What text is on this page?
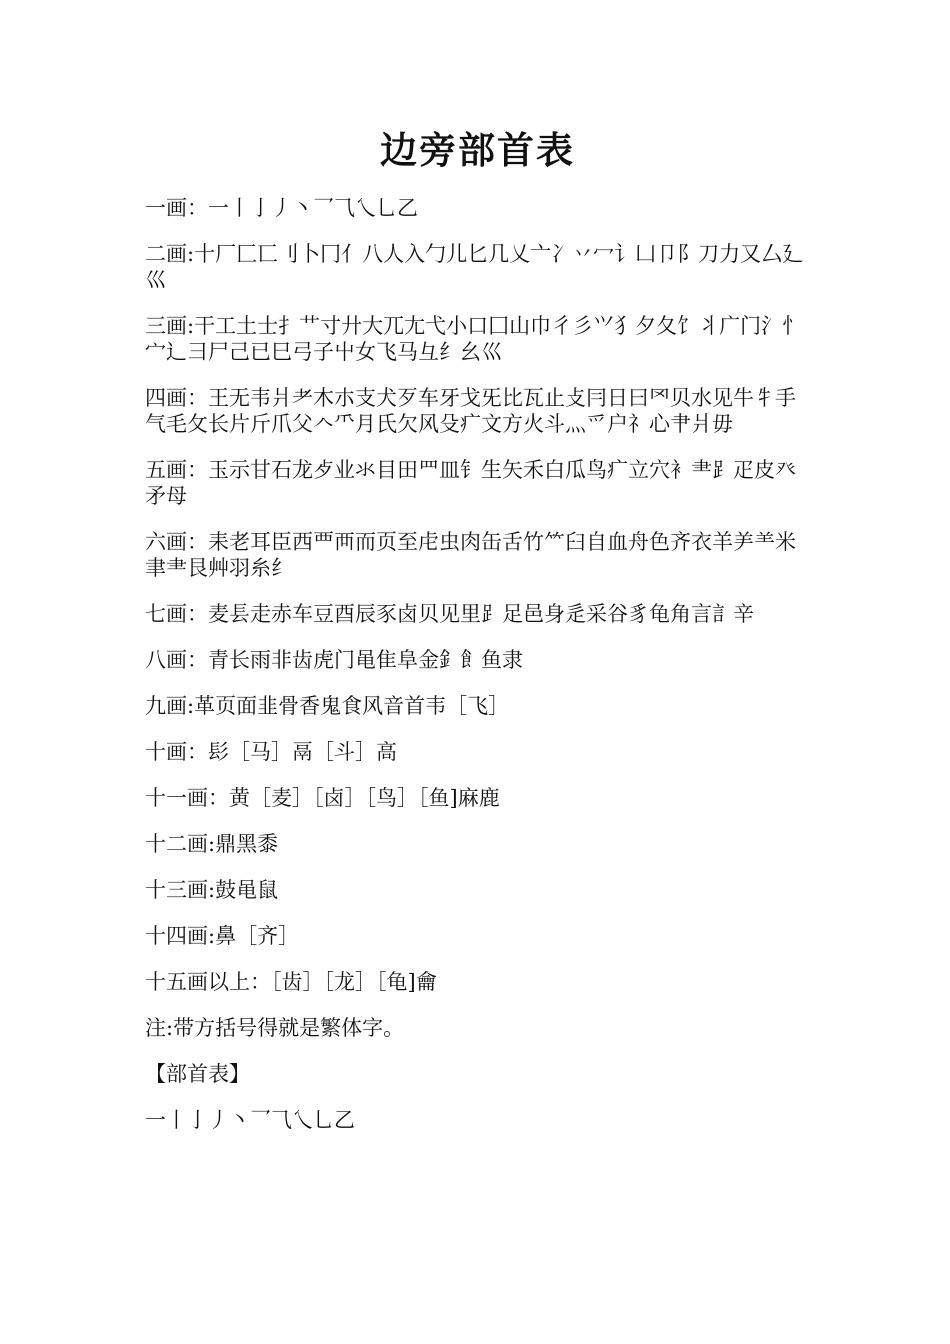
边旁部首表

一画：一丨亅丿丶乛⺄乀乚乙

二画:十厂匚匸刂卜冂亻八人入勹儿匕几乂亠冫丷冖讠凵卩阝刀力又厶廴巛

三画:干工土士扌艹寸廾大兀尢弋小口囗山巾彳彡⺍犭夕夂饣丬广门氵忄宀辶彐尸己已巳弓子屮女飞马彑纟幺巛

四画：王无韦爿耂木朩支犬歹车牙戈旡比瓦止攴冃日曰罓贝水见牛牜手气毛攵长片斤爪父𠆢⺥月氏欠风殳疒文方火斗灬爫户礻心肀爿毋

五画：玉示甘石龙歺业氺目田罒皿钅生矢禾白瓜鸟疒立穴衤⺻⻊疋皮癶矛母

六画：耒老耳臣西覀襾而页至虍虫肉缶舌竹⺮臼自血舟色齐衣羊⺶⺷米聿⺻艮艸羽糸纟

七画：麦镸走赤车豆酉辰豕卤贝见里⻊足邑身辵采谷豸龟角言訁辛

八画：青长雨非齿虎门黾隹阜金釒飠鱼隶

九画:革页面韭骨香鬼食风音首韦［飞］

十画：髟［马］鬲［斗］高

十一画：黄［麦］［卤］［鸟］［鱼]麻鹿

十二画:鼎黑黍

十三画:鼓黾鼠

十四画:鼻［齐］

十五画以上：［齿］［龙］［龟]龠

注:带方括号得就是繁体字。

【部首表】

一丨亅丿丶乛⺄乀乚乙
